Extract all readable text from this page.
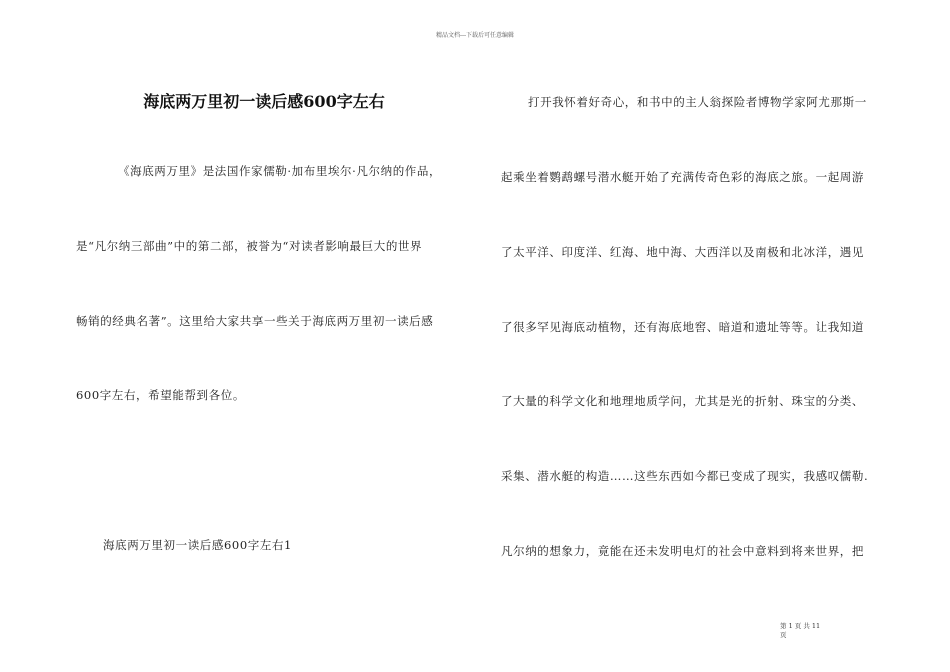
精品文档---下载后可任意编辑
海底两万里初一读后感600字左右
《海底两万里》是法国作家儒勒·加布里埃尔·凡尔纳的作品，
是“凡尔纳三部曲”中的第二部，被誉为“对读者影响最巨大的世界
畅销的经典名著”。这里给大家共享一些关于海底两万里初一读后感
600字左右，希望能帮到各位。
海底两万里初一读后感600字左右1
打开我怀着好奇心，和书中的主人翁探险者博物学家阿尤那斯一
起乘坐着鹦鹉螺号潜水艇开始了充满传奇色彩的海底之旅。一起周游
了太平洋、印度洋、红海、地中海、大西洋以及南极和北冰洋，遇见
了很多罕见海底动植物，还有海底地窖、暗道和遗址等等。让我知道
了大量的科学文化和地理地质学问，尤其是光的折射、珠宝的分类、
采集、潜水艇的构造……这些东西如今都已变成了现实，我感叹儒勒.
凡尔纳的想象力，竟能在还未发明电灯的社会中意料到将来世界，把
第 1 页 共 11
页
